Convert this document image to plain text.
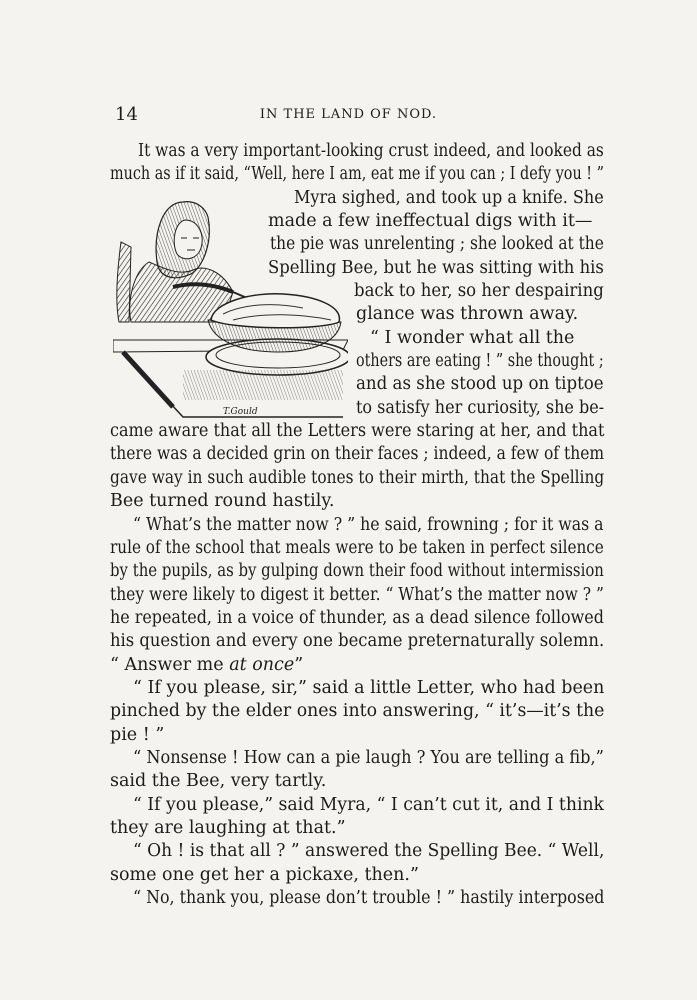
14	IN THE LAND OF NOD.
T.Gould
It was a very important-looking crust indeed, and looked as
much as if it said, “Well, here I am, eat me if you can ; I defy you ! ”
Myra sighed, and took up a knife. She
made a few ineffectual digs with it—
the pie was unrelenting ; she looked at the
Spelling Bee, but he was sitting with his
back to her, so her despairing
glance was thrown away.
“ I wonder what all the
others are eating ! ” she thought ;
and as she stood up on tiptoe
to satisfy her curiosity, she be-
came aware that all the Letters were staring at her, and that
there was a decided grin on their faces ; indeed, a few of them
gave way in such audible tones to their mirth, that the Spelling
Bee turned round hastily.
“ What’s the matter now ? ” he said, frowning ; for it was a
rule of the school that meals were to be taken in perfect silence
by the pupils, as by gulping down their food without intermission
they were likely to digest it better. “ What’s the matter now ? ”
he repeated, in a voice of thunder, as a dead silence followed
his question and every one became preternaturally solemn.
“ Answer me at once”
“ If you please, sir,” said a little Letter, who had been
pinched by the elder ones into answering, “ it’s—it’s the
pie ! ”
“ Nonsense ! How can a pie laugh ? You are telling a fib,”
said the Bee, very tartly.
“ If you please,” said Myra, “ I can’t cut it, and I think
they are laughing at that.”
“ Oh ! is that all ? ” answered the Spelling Bee. “ Well,
some one get her a pickaxe, then.”
“ No, thank you, please don’t trouble ! ” hastily interposed
